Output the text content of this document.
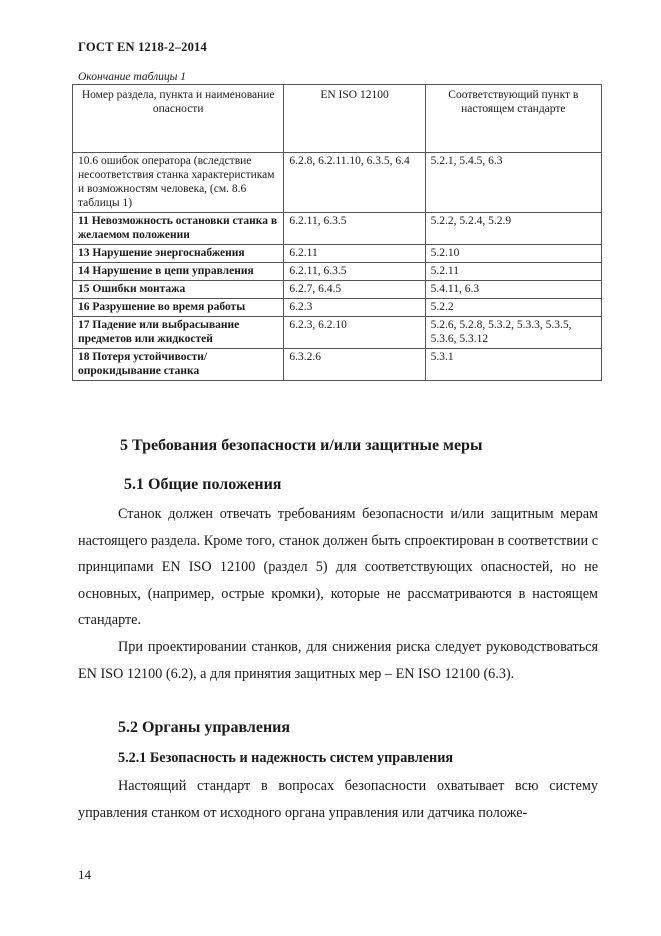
ГОСТ EN 1218-2–2014
Окончание таблицы 1
Номер раздела, пункта и наименование опасности	EN ISO 12100	Соответствующий пункт в настоящем стандарте
10.6 ошибок оператора (вследствие несоответствия станка характеристикам и возможностям человека, (см. 8.6 таблицы 1)	6.2.8, 6.2.11.10, 6.3.5, 6.4	5.2.1, 5.4.5, 6.3
11 Невозможность остановки станка в желаемом положении	6.2.11, 6.3.5	5.2.2, 5.2.4, 5.2.9
13 Нарушение энергоснабжения	6.2.11	5.2.10
14 Нарушение в цепи управления	6.2.11, 6.3.5	5.2.11
15 Ошибки монтажа	6.2.7, 6.4.5	5.4.11, 6.3
16 Разрушение во время работы	6.2.3	5.2.2
17 Падение или выбрасывание предметов или жидкостей	6.2.3, 6.2.10	5.2.6, 5.2.8, 5.3.2, 5.3.3, 5.3.5, 5.3.6, 5.3.12
18 Потеря устойчивости/опрокидывание станка	6.3.2.6	5.3.1
5 Требования безопасности и/или защитные меры
5.1 Общие положения

Станок должен отвечать требованиям безопасности и/или защитным мерам настоящего раздела. Кроме того, станок должен быть спроектирован в соответствии с принципами EN ISO 12100 (раздел 5) для соответствующих опасностей, но не основных, (например, острые кромки), которые не рассматриваются в настоящем стандарте.

При проектировании станков, для снижения риска следует руководствоваться EN ISO 12100 (6.2), а для принятия защитных мер – EN ISO 12100 (6.3).

5.2 Органы управления
5.2.1 Безопасность и надежность систем управления

Настоящий стандарт в вопросах безопасности охватывает всю систему управления станком от исходного органа управления или датчика положе-

14
